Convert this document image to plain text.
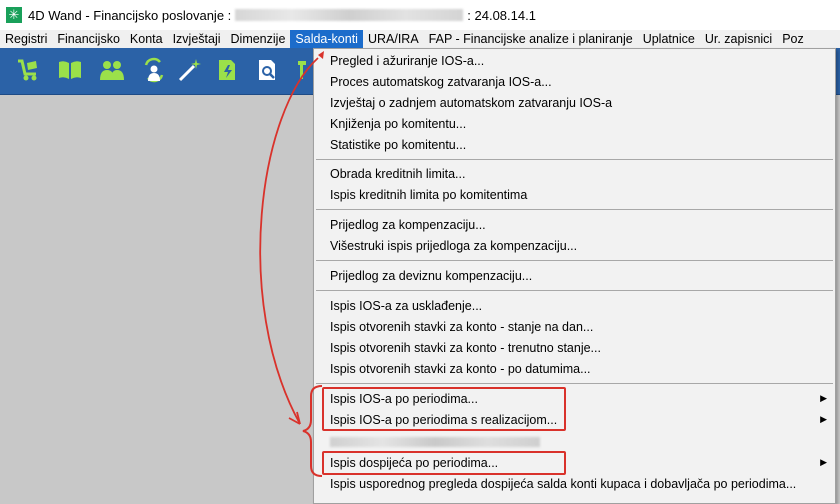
✳ 4D Wand - Financijsko poslovanje :	: 24.08.14.1
Registri Financijsko Konta Izvještaji Dimenzije Salda-konti URA/IRA FAP - Financijske analize i planiranje Uplatnice Ur. zapisnici Poz
Pregled i ažuriranje IOS-a...
Proces automatskog zatvaranja IOS-a...
Izvještaj o zadnjem automatskom zatvaranju IOS-a
Knjiženja po komitentu...
Statistike po komitentu...
Obrada kreditnih limita...
Ispis kreditnih limita po komitentima
Prijedlog za kompenzaciju...
Višestruki ispis prijedloga za kompenzaciju...
Prijedlog za deviznu kompenzaciju...
Ispis IOS-a za usklađenje...
Ispis otvorenih stavki za konto - stanje na dan...
Ispis otvorenih stavki za konto - trenutno stanje...
Ispis otvorenih stavki za konto - po datumima...
Ispis IOS-a po periodima...	▶
Ispis IOS-a po periodima s realizacijom...	▶
Ispis dospijeća po periodima...	▶
Ispis usporednog pregleda dospijeća salda konti kupaca i dobavljača po periodima...
